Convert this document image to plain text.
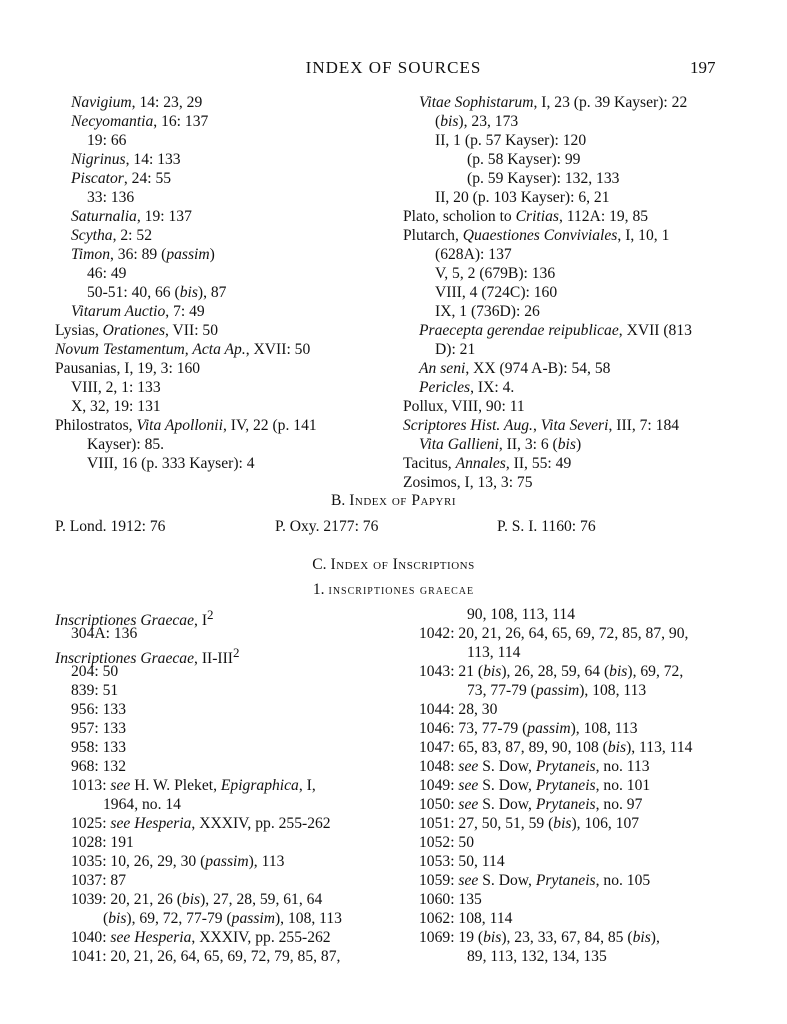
INDEX OF SOURCES	197
B. Index of Papyri
P. Lond. 1912: 76	P. Oxy. 2177: 76	P. S. I. 1160: 76
C. Index of Inscriptions
1. inscriptiones graecae
Navigium, 14: 23, 29
Necyomantia, 16: 137
19: 66
Nigrinus, 14: 133
Piscator, 24: 55
33: 136
Saturnalia, 19: 137
Scytha, 2: 52
Timon, 36: 89 (passim)
46: 49
50-51: 40, 66 (bis), 87
Vitarum Auctio, 7: 49
Lysias, Orationes, VII: 50
Novum Testamentum, Acta Ap., XVII: 50
Pausanias, I, 19, 3: 160
VIII, 2, 1: 133
X, 32, 19: 131
Philostratos, Vita Apollonii, IV, 22 (p. 141
Kayser): 85.
VIII, 16 (p. 333 Kayser): 4
Vitae Sophistarum, I, 23 (p. 39 Kayser): 22
(bis), 23, 173
II, 1 (p. 57 Kayser): 120
(p. 58 Kayser): 99
(p. 59 Kayser): 132, 133
II, 20 (p. 103 Kayser): 6, 21
Plato, scholion to Critias, 112A: 19, 85
Plutarch, Quaestiones Conviviales, I, 10, 1
(628A): 137
V, 5, 2 (679B): 136
VIII, 4 (724C): 160
IX, 1 (736D): 26
Praecepta gerendae reipublicae, XVII (813
D): 21
An seni, XX (974 A-B): 54, 58
Pericles, IX: 4.
Pollux, VIII, 90: 11
Scriptores Hist. Aug., Vita Severi, III, 7: 184
Vita Gallieni, II, 3: 6 (bis)
Tacitus, Annales, II, 55: 49
Zosimos, I, 13, 3: 75
Inscriptiones Graecae, $I^2$
304A: 136
Inscriptiones Graecae, II-III$^2$
204: 50
839: 51
956: 133
957: 133
958: 133
968: 132
1013: see H. W. Pleket, Epigraphica, I,
1964, no. 14
1025: see Hesperia, XXXIV, pp. 255-262
1028: 191
1035: 10, 26, 29, 30 (passim), 113
1037: 87
1039: 20, 21, 26 (bis), 27, 28, 59, 61, 64
(bis), 69, 72, 77-79 (passim), 108, 113
1040: see Hesperia, XXXIV, pp. 255-262
1041: 20, 21, 26, 64, 65, 69, 72, 79, 85, 87,
90, 108, 113, 114
1042: 20, 21, 26, 64, 65, 69, 72, 85, 87, 90,
113, 114
1043: 21 (bis), 26, 28, 59, 64 (bis), 69, 72,
73, 77-79 (passim), 108, 113
1044: 28, 30
1046: 73, 77-79 (passim), 108, 113
1047: 65, 83, 87, 89, 90, 108 (bis), 113, 114
1048: see S. Dow, Prytaneis, no. 113
1049: see S. Dow, Prytaneis, no. 101
1050: see S. Dow, Prytaneis, no. 97
1051: 27, 50, 51, 59 (bis), 106, 107
1052: 50
1053: 50, 114
1059: see S. Dow, Prytaneis, no. 105
1060: 135
1062: 108, 114
1069: 19 (bis), 23, 33, 67, 84, 85 (bis),
89, 113, 132, 134, 135
